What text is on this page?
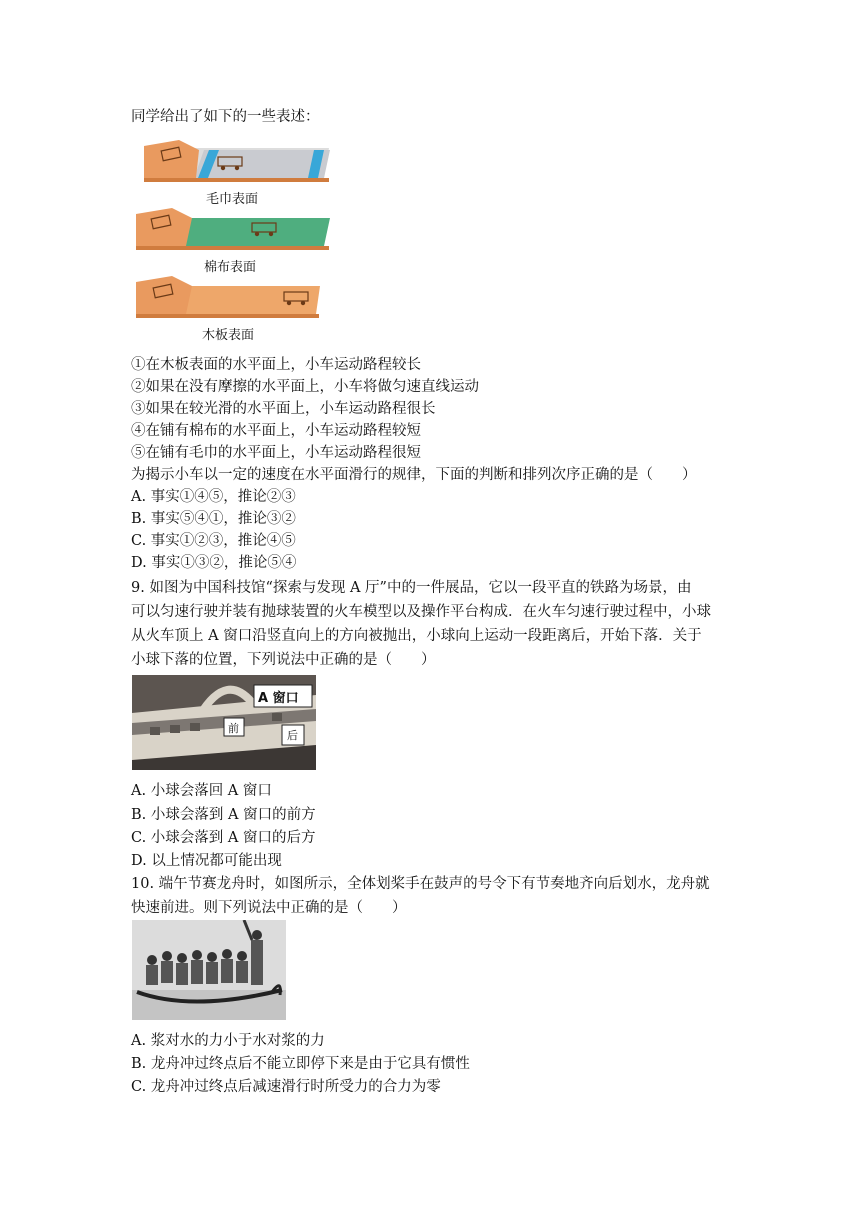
同学给出了如下的一些表述：
毛巾表面
棉布表面
木板表面
①在木板表面的水平面上，小车运动路程较长
②如果在没有摩擦的水平面上，小车将做匀速直线运动
③如果在较光滑的水平面上，小车运动路程很长
④在铺有棉布的水平面上，小车运动路程较短
⑤在铺有毛巾的水平面上，小车运动路程很短
为揭示小车以一定的速度在水平面滑行的规律，下面的判断和排列次序正确的是（　　）
A. 事实①④⑤，推论②③
B. 事实⑤④①，推论③②
C. 事实①②③，推论④⑤
D. 事实①③②，推论⑤④
9. 如图为中国科技馆“探索与发现 A 厅”中的一件展品，它以一段平直的铁路为场景，由
可以匀速行驶并装有抛球装置的火车模型以及操作平台构成．在火车匀速行驶过程中，小球
从火车顶上 A 窗口沿竖直向上的方向被抛出，小球向上运动一段距离后，开始下落．关于
小球下落的位置，下列说法中正确的是（　　）
A 窗口
前
后
A. 小球会落回 A 窗口
B. 小球会落到 A 窗口的前方
C. 小球会落到 A 窗口的后方
D. 以上情况都可能出现
10. 端午节赛龙舟时，如图所示，全体划桨手在鼓声的号令下有节奏地齐向后划水，龙舟就
快速前进。则下列说法中正确的是（　　）
A. 浆对水的力小于水对浆的力
B. 龙舟冲过终点后不能立即停下来是由于它具有惯性
C. 龙舟冲过终点后减速滑行时所受力的合力为零
